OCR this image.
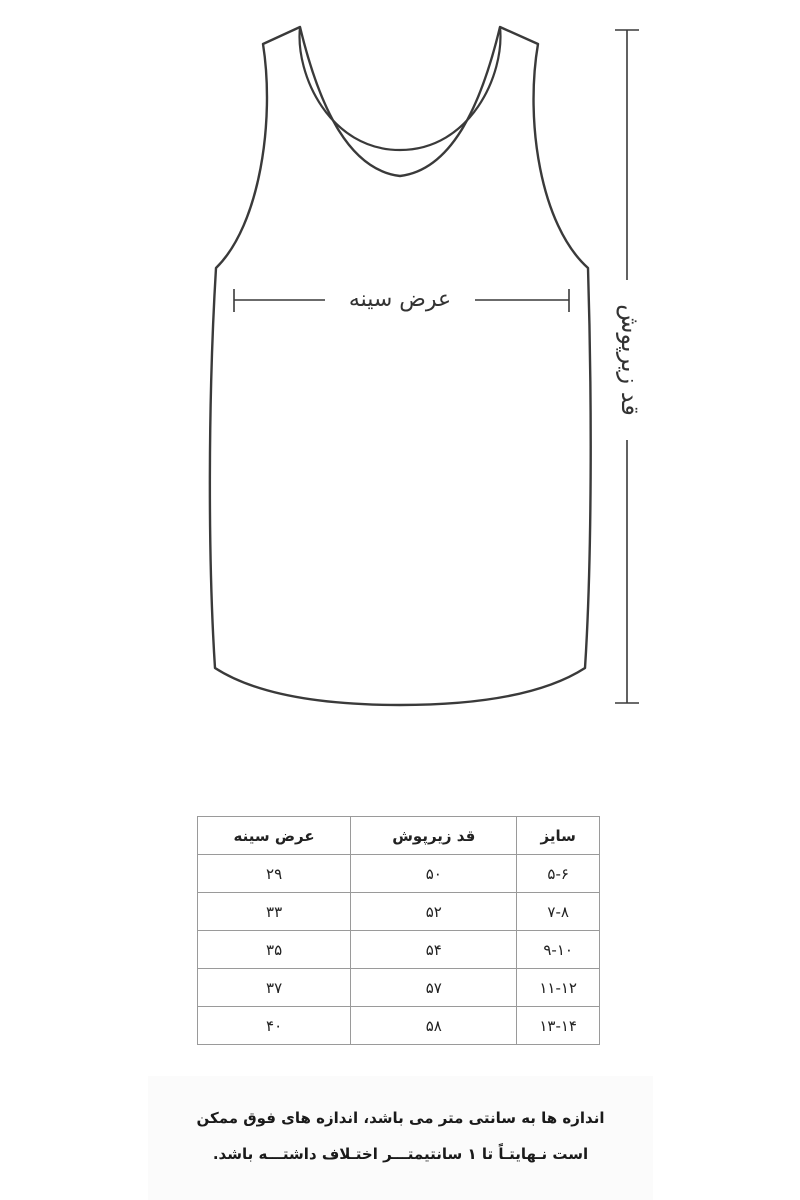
عرض سینه
قد زیرپوش
سایز	قد زیرپوش	عرض سینه
۵-۶	۵۰	۲۹
۷-۸	۵۲	۳۳
۹-۱۰	۵۴	۳۵
۱۱-۱۲	۵۷	۳۷
۱۳-۱۴	۵۸	۴۰
اندازه ها به سانتی متر می باشد، اندازه های فوق ممکن
است نـهایتـاً تا ۱ سانتیمتـــر اختـلاف داشتـــه باشد.
